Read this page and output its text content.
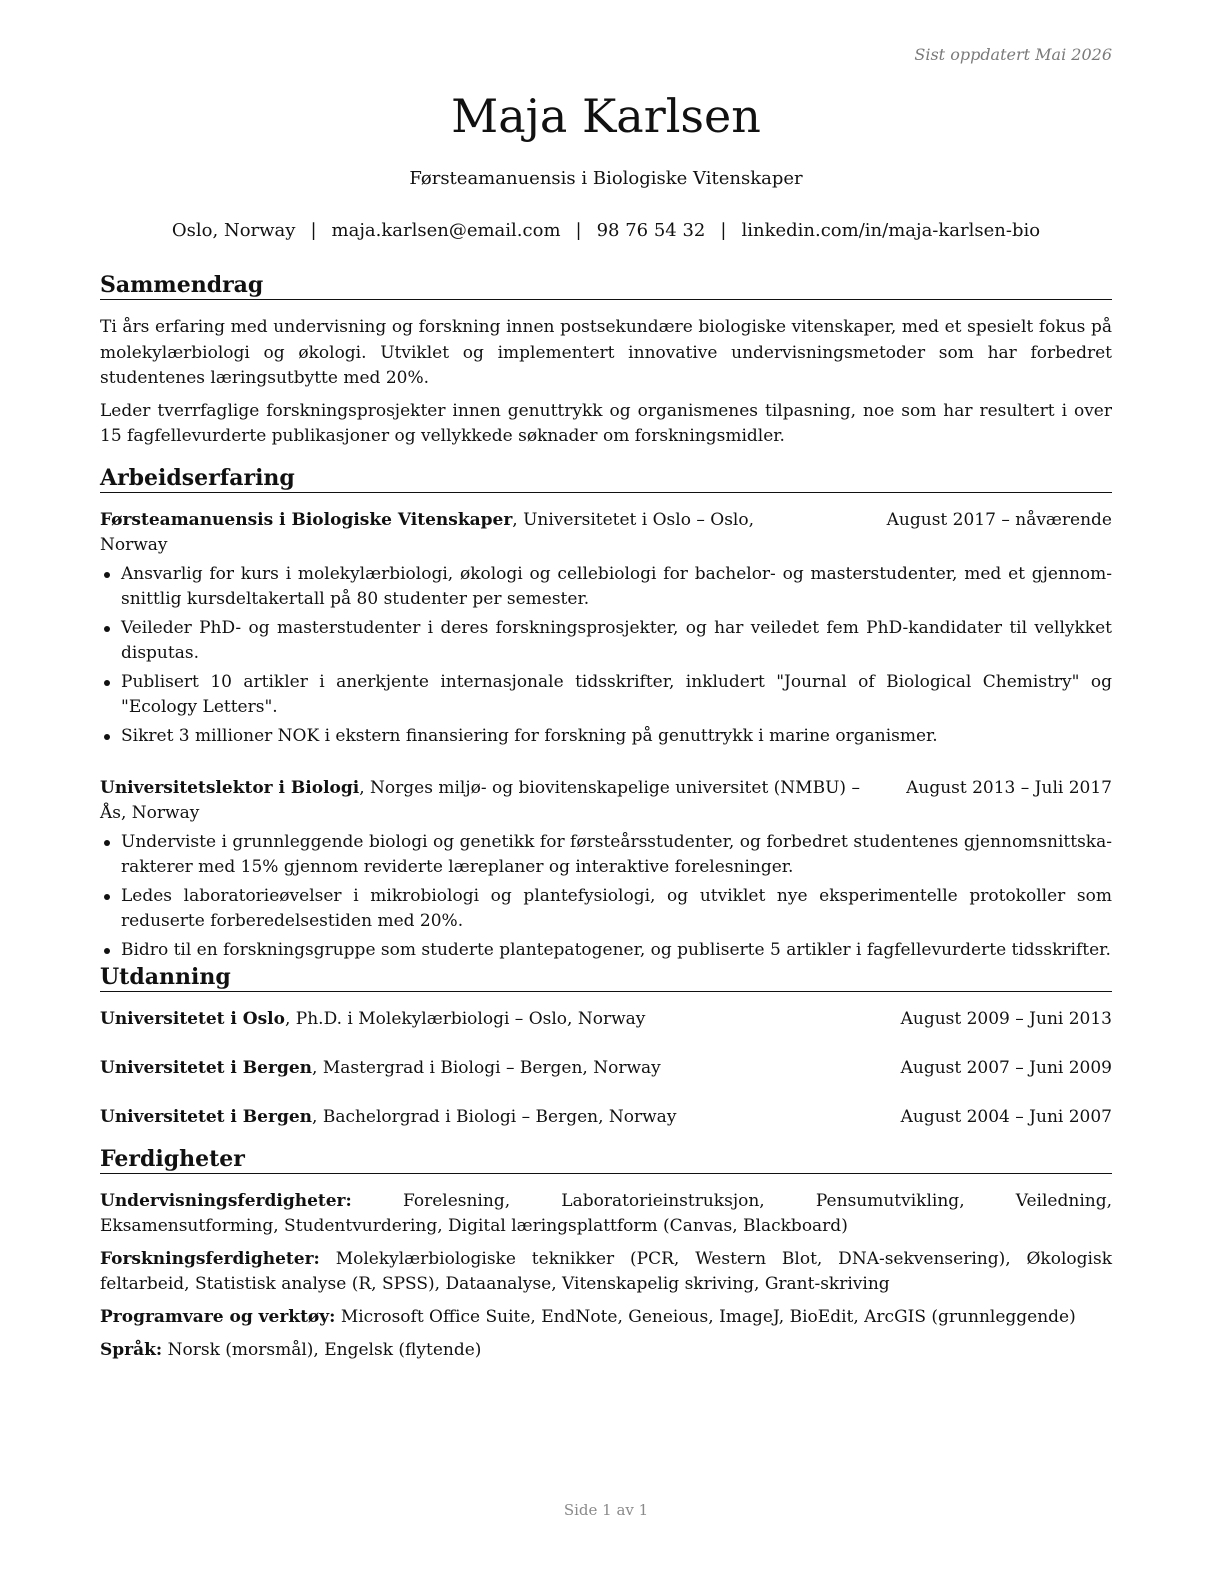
Sist oppdatert Mai 2026
Maja Karlsen
Førsteamanuensis i Biologiske Vitenskaper
Oslo, Norway | maja.karlsen@email.com | 98 76 54 32 | linkedin.com/in/maja-karlsen-bio
Sammendrag

Ti års erfaring med undervisning og forskning innen postsekundære biologiske vitenskaper, med et spesielt fokus på molekylærbiologi og økologi. Utviklet og implementert innovative undervisningsmetoder som har forbedret studentenes læringsutbytte med 20%.

Leder tverrfaglige forskningsprosjekter innen genuttrykk og organismenes tilpasning, noe som har resultert i over 15 fagfellevurderte publikasjoner og vellykkede søknader om forskningsmidler.

Arbeidserfaring
Førsteamanuensis i Biologiske Vitenskaper, Universitetet i Oslo – Oslo, Norway
August 2017 – nåværende
Ansvarlig for kurs i molekylærbiologi, økologi og cellebiologi for bachelor- og masterstudenter, med et gjennomsnittlig kursdeltakertall på 80 studenter per semester.
Veileder PhD- og masterstudenter i deres forskningsprosjekter, og har veiledet fem PhD-kandidater til vellykket disputas.
Publisert 10 artikler i anerkjente internasjonale tidsskrifter, inkludert "Journal of Biological Chemistry" og "Ecology Letters".
Sikret 3 millioner NOK i ekstern finansiering for forskning på genuttrykk i marine organismer.
Universitetslektor i Biologi, Norges miljø- og biovitenskapelige universitet (NMBU) – Ås, Norway
August 2013 – Juli 2017
Underviste i grunnleggende biologi og genetikk for førsteårsstudenter, og forbedret studentenes gjennomsnittskarakterer med 15% gjennom reviderte læreplaner og interaktive forelesninger.
Ledes laboratorieøvelser i mikrobiologi og plantefysiologi, og utviklet nye eksperimentelle protokoller som reduserte forberedelsestiden med 20%.
Bidro til en forskningsgruppe som studerte plantepatogener, og publiserte 5 artikler i fagfellevurderte tidsskrifter.
Utdanning
Universitetet i Oslo, Ph.D. i Molekylærbiologi – Oslo, Norway	August 2009 – Juni 2013
Universitetet i Bergen, Mastergrad i Biologi – Bergen, Norway	August 2007 – Juni 2009
Universitetet i Bergen, Bachelorgrad i Biologi – Bergen, Norway	August 2004 – Juni 2007
Ferdigheter

Undervisningsferdigheter: Forelesning, Laboratorieinstruksjon, Pensumutvikling, Veiledning, Eksamensutforming, Studentvurdering, Digital læringsplattform (Canvas, Blackboard)

Forskningsferdigheter: Molekylærbiologiske teknikker (PCR, Western Blot, DNA-sekvensering), Økologisk feltarbeid, Statistisk analyse (R, SPSS), Dataanalyse, Vitenskapelig skriving, Grant-skriving

Programvare og verktøy: Microsoft Office Suite, EndNote, Geneious, ImageJ, BioEdit, ArcGIS (grunnleggende)

Språk: Norsk (morsmål), Engelsk (flytende)

Side 1 av 1
